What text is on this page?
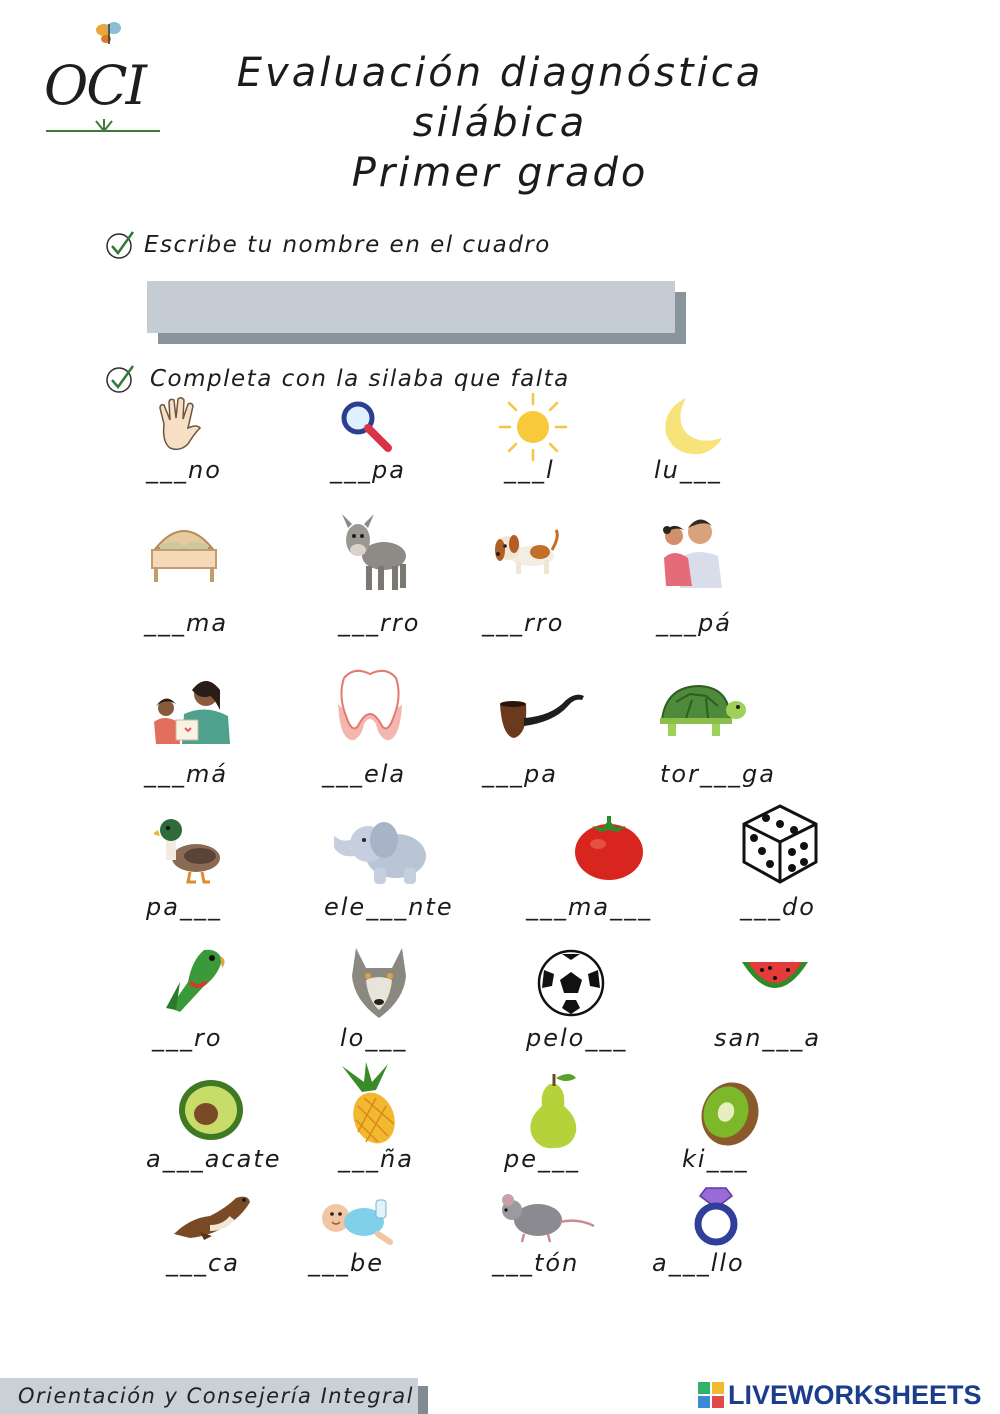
OCI	Evaluación diagnóstica
silábica
Primer grado
Escribe tu nombre en el cuadro
Completa con la silaba que falta
___no	___pa	___l	lu___
___ma	___rro	___rro	___pá
___má	___ela	___pa	tor___ga
pa___	ele___nte	___ma___	___do
___ro	lo___	pelo___	san___a
a___acate ___ña	pe___	ki___
___ca	___be	___tón	a___llo
Orientación y Consejería Integral	LIVEWORKSHEETS
